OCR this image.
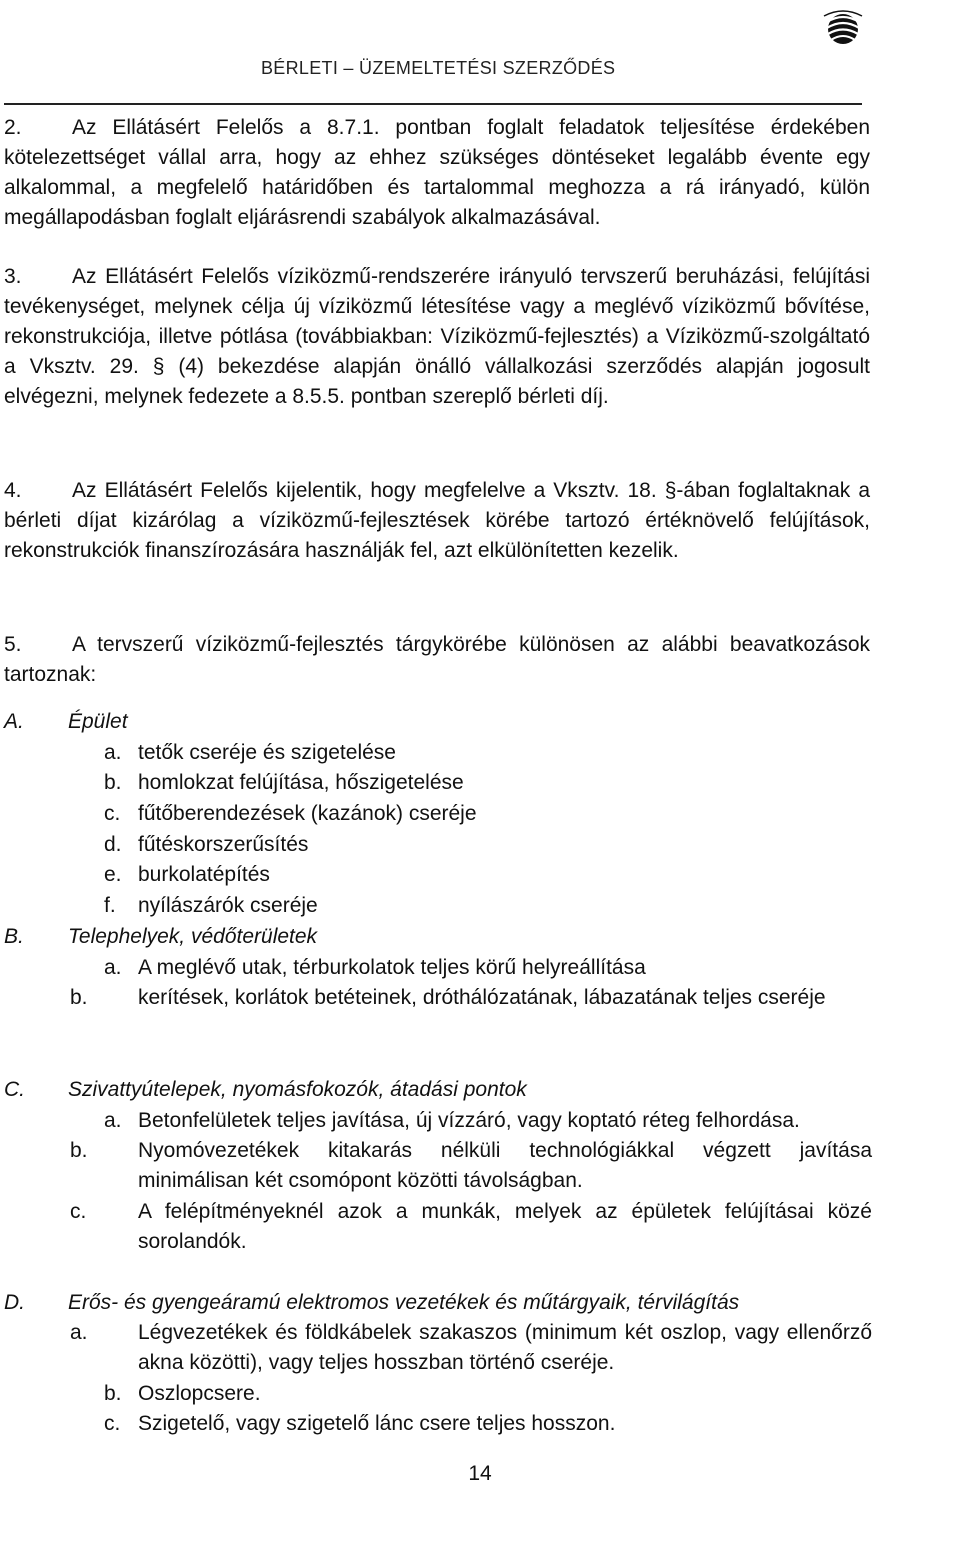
BÉRLETI – ÜZEMELTETÉSI SZERZŐDÉS

2. Az Ellátásért Felelős a 8.7.1. pontban foglalt feladatok teljesítése érdekében kötelezettséget vállal arra, hogy az ehhez szükséges döntéseket legalább évente egy alkalommal, a megfelelő határidőben és tartalommal meghozza a rá irányadó, külön megállapodásban foglalt eljárásrendi szabályok alkalmazásával.

3. Az Ellátásért Felelős víziközmű-rendszerére irányuló tervszerű beruházási, felújítási tevékenységet, melynek célja új víziközmű létesítése vagy a meglévő víziközmű bővítése, rekonstrukciója, illetve pótlása (továbbiakban: Víziközmű-fejlesztés) a Víziközmű-szolgáltató a Vksztv. 29. § (4) bekezdése alapján önálló vállalkozási szerződés alapján jogosult elvégezni, melynek fedezete a 8.5.5. pontban szereplő bérleti díj.

4. Az Ellátásért Felelős kijelentik, hogy megfelelve a Vksztv. 18. §-ában foglaltaknak a bérleti díjat kizárólag a víziközmű-fejlesztések körébe tartozó értéknövelő felújítások, rekonstrukciók finanszírozására használják fel, azt elkülönítetten kezelik.

5. A tervszerű víziközmű-fejlesztés tárgykörébe különösen az alábbi beavatkozások tartoznak:

A. Épület

a. tetők cseréje és szigetelése

b. homlokzat felújítása, hőszigetelése

c. fűtőberendezések (kazánok) cseréje

d. fűtéskorszerűsítés

e. burkolatépítés

f. nyílászárók cseréje

B. Telephelyek, védőterületek

a. A meglévő utak, térburkolatok teljes körű helyreállítása

b. kerítések, korlátok betéteinek, dróthálózatának, lábazatának teljes cseréje

C. Szivattyútelepek, nyomásfokozók, átadási pontok

a. Betonfelületek teljes javítása, új vízzáró, vagy koptató réteg felhordása.

b. Nyomóvezetékek kitakarás nélküli technológiákkal végzett javítása minimálisan két csomópont közötti távolságban.

c. A felépítményeknél azok a munkák, melyek az épületek felújításai közé sorolandók.

D. Erős- és gyengeáramú elektromos vezetékek és műtárgyaik, térvilágítás

a. Légvezetékek és földkábelek szakaszos (minimum két oszlop, vagy ellenőrző akna közötti), vagy teljes hosszban történő cseréje.

b. Oszlopcsere.

c. Szigetelő, vagy szigetelő lánc csere teljes hosszon.

14
